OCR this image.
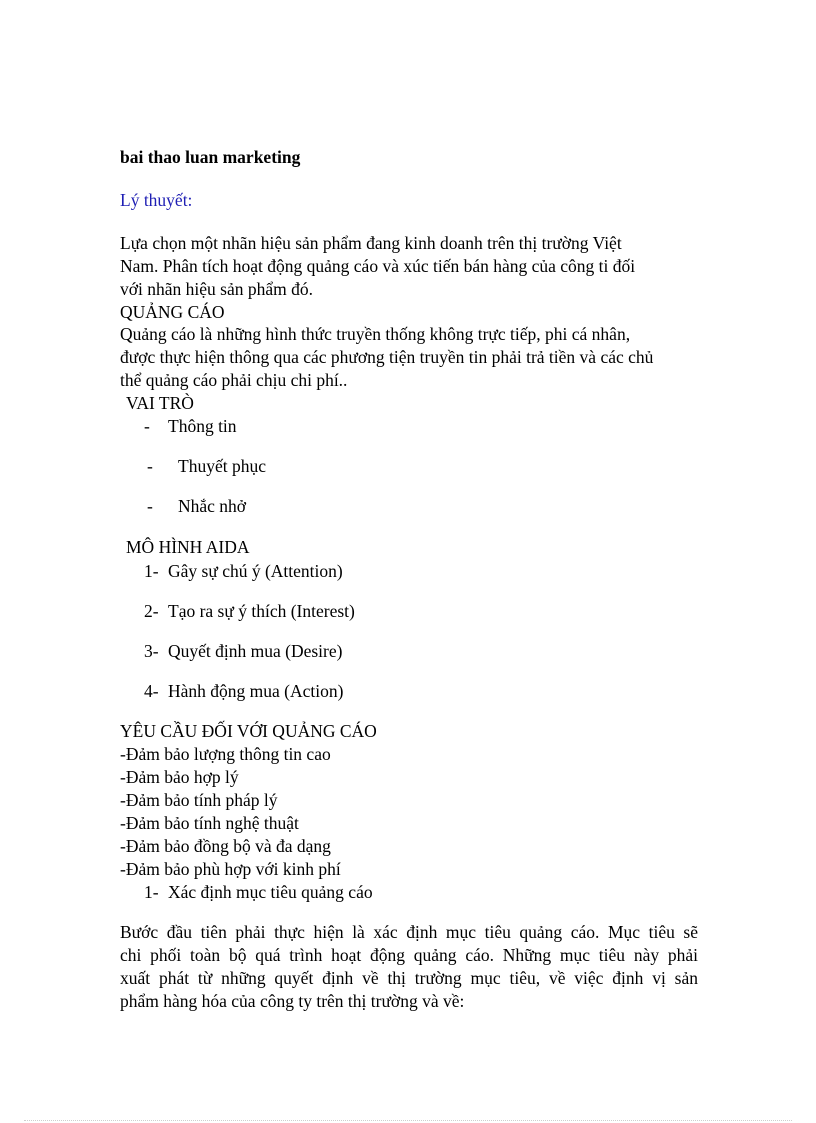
bai thao luan marketing
Lý thuyết:
Lựa chọn một nhãn hiệu sản phẩm đang kinh doanh trên thị trường Việt
Nam. Phân tích hoạt động quảng cáo và xúc tiến bán hàng của công ti đối
với nhãn hiệu sản phẩm đó.
QUẢNG CÁO
Quảng cáo là những hình thức truyền thống không trực tiếp, phi cá nhân,
được thực hiện thông qua các phương tiện truyền tin phải trả tiền và các chủ
thể quảng cáo phải chịu chi phí..
VAI TRÒ
- Thông tin
- Thuyết phục
- Nhắc nhở
MÔ HÌNH AIDA
1- Gây sự chú ý (Attention)
2- Tạo ra sự ý thích (Interest)
3- Quyết định mua (Desire)
4- Hành động mua (Action)
YÊU CẦU ĐỐI VỚI QUẢNG CÁO
-Đảm bảo lượng thông tin cao
-Đảm bảo hợp lý
-Đảm bảo tính pháp lý
-Đảm bảo tính nghệ thuật
-Đảm bảo đồng bộ và đa dạng
-Đảm bảo phù hợp với kinh phí
1- Xác định mục tiêu quảng cáo
Bước đầu tiên phải thực hiện là xác định mục tiêu quảng cáo. Mục tiêu sẽ
chi phối toàn bộ quá trình hoạt động quảng cáo. Những mục tiêu này phải
xuất phát từ những quyết định về thị trường mục tiêu, về việc định vị sản
phẩm hàng hóa của công ty trên thị trường và về:
